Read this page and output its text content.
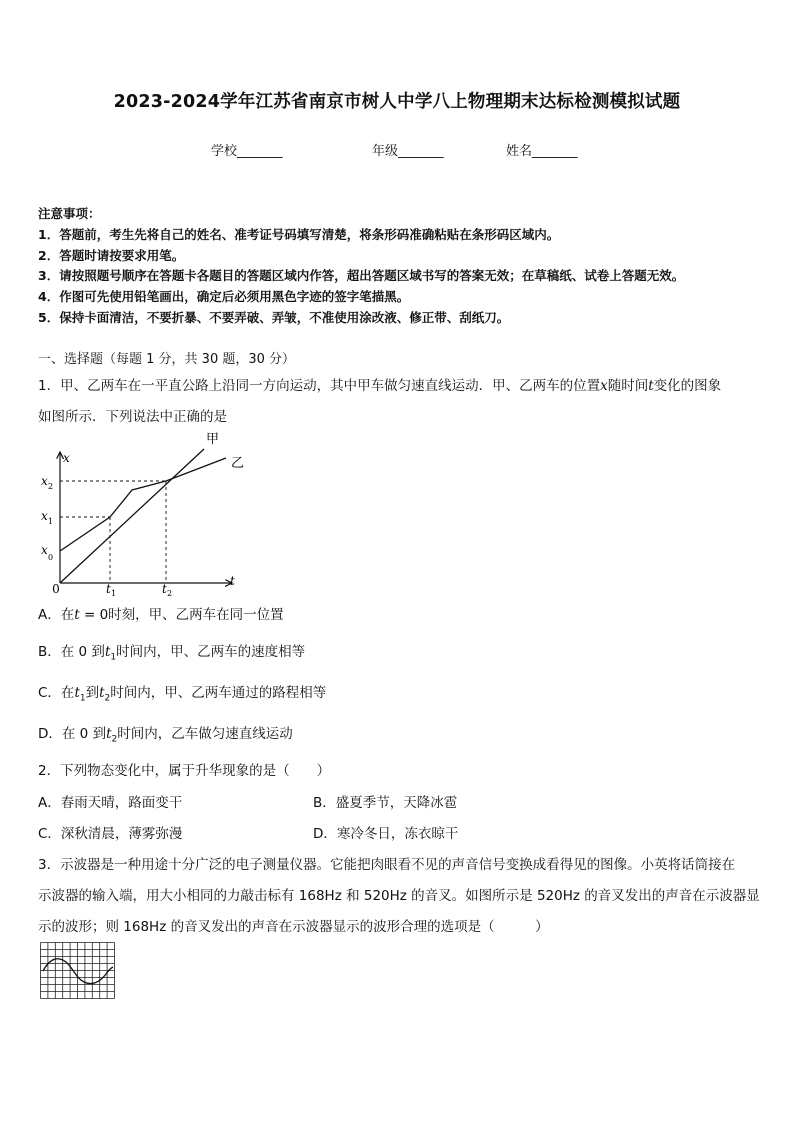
2023-2024学年江苏省南京市树人中学八上物理期末达标检测模拟试题
学校_______	年级_______	姓名_______
注意事项：
1．答题前，考生先将自己的姓名、准考证号码填写清楚，将条形码准确粘贴在条形码区域内。
2．答题时请按要求用笔。
3．请按照题号顺序在答题卡各题目的答题区域内作答，超出答题区域书写的答案无效；在草稿纸、试卷上答题无效。
4．作图可先使用铅笔画出，确定后必须用黑色字迹的签字笔描黑。
5．保持卡面清洁，不要折暴、不要弄破、弄皱，不准使用涂改液、修正带、刮纸刀。
一、选择题（每题 1 分，共 30 题，30 分）
1．甲、乙两车在一平直公路上沿同一方向运动，其中甲车做匀速直线运动．甲、乙两车的位置x随时间t变化的图象
如图所示．下列说法中正确的是
甲
乙
x
t
0
x 2
x 1
x
0
t 1	t 2
A．在t = 0时刻，甲、乙两车在同一位置
B．在 0 到$t_1$时间内，甲、乙两车的速度相等
C．在$t_1$到$t_2$时间内，甲、乙两车通过的路程相等
D．在 0 到$t_2$时间内，乙车做匀速直线运动
2．下列物态变化中，属于升华现象的是（　　）
A．春雨天晴，路面变干	B．盛夏季节，天降冰雹
C．深秋清晨，薄雾弥漫	D．寒冷冬日，冻衣晾干
3．示波器是一种用途十分广泛的电子测量仪器。它能把肉眼看不见的声音信号变换成看得见的图像。小英将话筒接在
示波器的输入端，用大小相同的力敲击标有 168Hz 和 520Hz 的音叉。如图所示是 520Hz 的音叉发出的声音在示波器显
示的波形；则 168Hz 的音叉发出的声音在示波器显示的波形合理的选项是（　　　）
